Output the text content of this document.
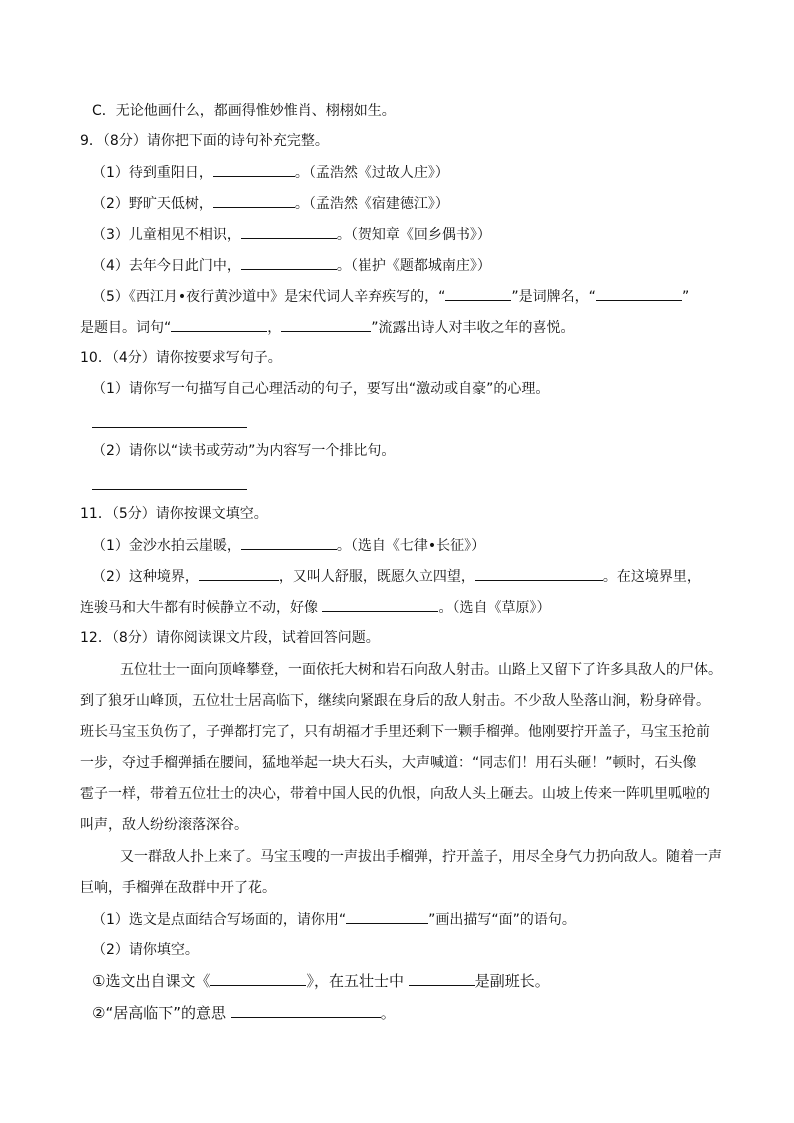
C．无论他画什么，都画得惟妙惟肖、栩栩如生。
9．（8分）请你把下面的诗句补充完整。
（1）待到重阳日，	。（孟浩然《过故人庄》）
（2）野旷天低树，	。（孟浩然《宿建德江》）
（3）儿童相见不相识，	。（贺知章《回乡偶书》）
（4）去年今日此门中，	。（崔护《题都城南庄》）
（5）《西江月•夜行黄沙道中》是宋代词人辛弃疾写的，“	”是词牌名，“	”
是题目。词句“	，	”流露出诗人对丰收之年的喜悦。
10．（4分）请你按要求写句子。
（1）请你写一句描写自己心理活动的句子，要写出“激动或自豪”的心理。
（2）请你以“读书或劳动”为内容写一个排比句。
11．（5分）请你按课文填空。
（1）金沙水拍云崖暖，	。（选自《七律•长征》）
（2）这种境界，	，又叫人舒服，既愿久立四望，	。在这境界里，
连骏马和大牛都有时候静立不动，好像	。（选自《草原》）
12．（8分）请你阅读课文片段，试着回答问题。
五位壮士一面向顶峰攀登，一面依托大树和岩石向敌人射击。山路上又留下了许多具敌人的尸体。
到了狼牙山峰顶，五位壮士居高临下，继续向紧跟在身后的敌人射击。不少敌人坠落山涧，粉身碎骨。
班长马宝玉负伤了，子弹都打完了，只有胡福才手里还剩下一颗手榴弹。他刚要拧开盖子，马宝玉抢前
一步，夺过手榴弹插在腰间，猛地举起一块大石头，大声喊道：“同志们！用石头砸！”顿时，石头像
雹子一样，带着五位壮士的决心，带着中国人民的仇恨，向敌人头上砸去。山坡上传来一阵叽里呱啦的
叫声，敌人纷纷滚落深谷。
又一群敌人扑上来了。马宝玉嗖的一声拔出手榴弹，拧开盖子，用尽全身气力扔向敌人。随着一声
巨响，手榴弹在敌群中开了花。
（1）选文是点面结合写场面的，请你用“	”画出描写“面”的语句。
（2）请你填空。
①选文出自课文《	》，在五壮士中	是副班长。
②“居高临下”的意思	。
